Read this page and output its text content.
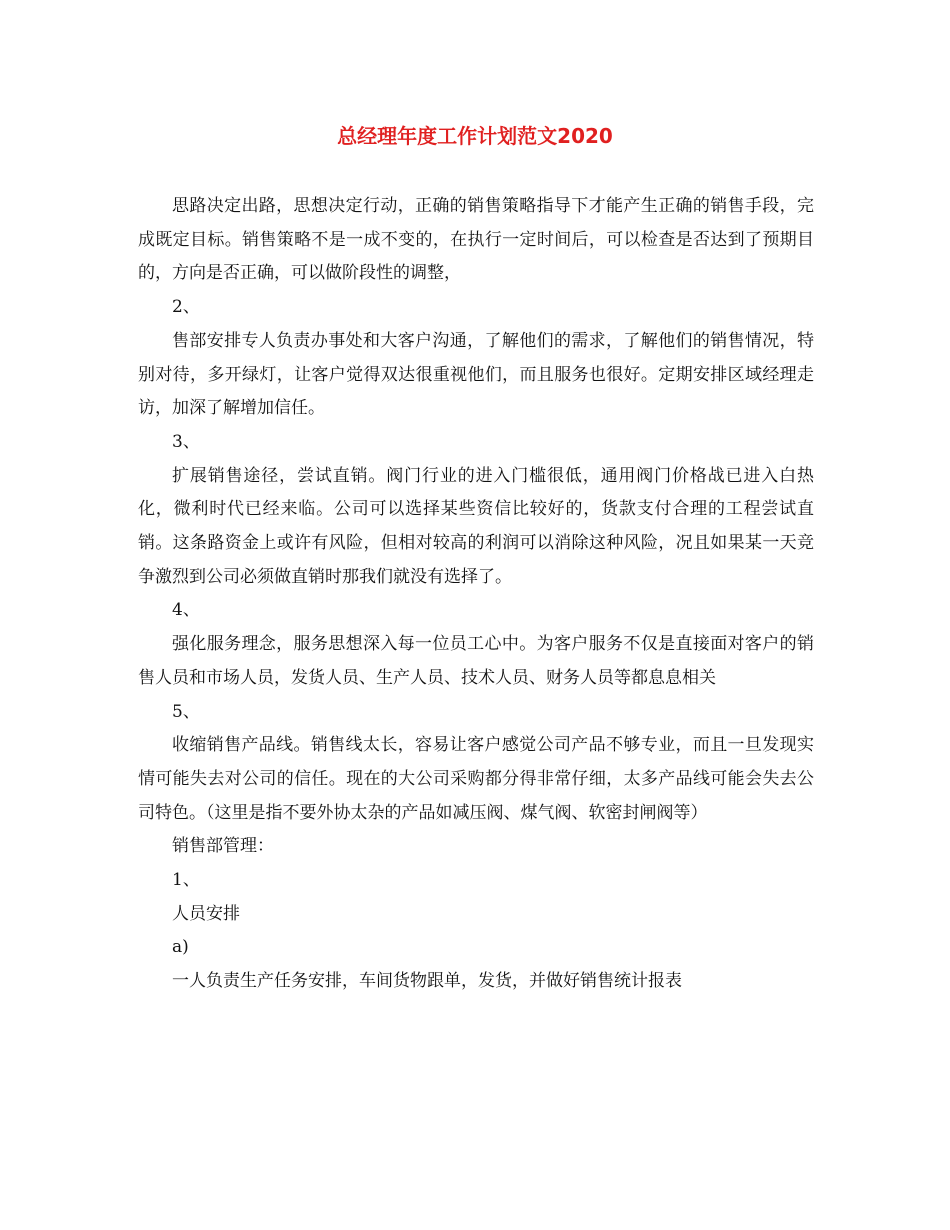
总经理年度工作计划范文2020

思路决定出路，思想决定行动，正确的销售策略指导下才能产生正确的销售手段，完成既定目标。销售策略不是一成不变的，在执行一定时间后，可以检查是否达到了预期目的，方向是否正确，可以做阶段性的调整，

2、

售部安排专人负责办事处和大客户沟通，了解他们的需求，了解他们的销售情况，特别对待，多开绿灯，让客户觉得双达很重视他们，而且服务也很好。定期安排区域经理走访，加深了解增加信任。

3、

扩展销售途径，尝试直销。阀门行业的进入门槛很低，通用阀门价格战已进入白热化，微利时代已经来临。公司可以选择某些资信比较好的，货款支付合理的工程尝试直销。这条路资金上或许有风险，但相对较高的利润可以消除这种风险，况且如果某一天竞争激烈到公司必须做直销时那我们就没有选择了。

4、

强化服务理念，服务思想深入每一位员工心中。为客户服务不仅是直接面对客户的销售人员和市场人员，发货人员、生产人员、技术人员、财务人员等都息息相关

5、

收缩销售产品线。销售线太长，容易让客户感觉公司产品不够专业，而且一旦发现实情可能失去对公司的信任。现在的大公司采购都分得非常仔细，太多产品线可能会失去公司特色。（这里是指不要外协太杂的产品如减压阀、煤气阀、软密封闸阀等）

销售部管理：

1、

人员安排

a)

一人负责生产任务安排，车间货物跟单，发货，并做好销售统计报表
